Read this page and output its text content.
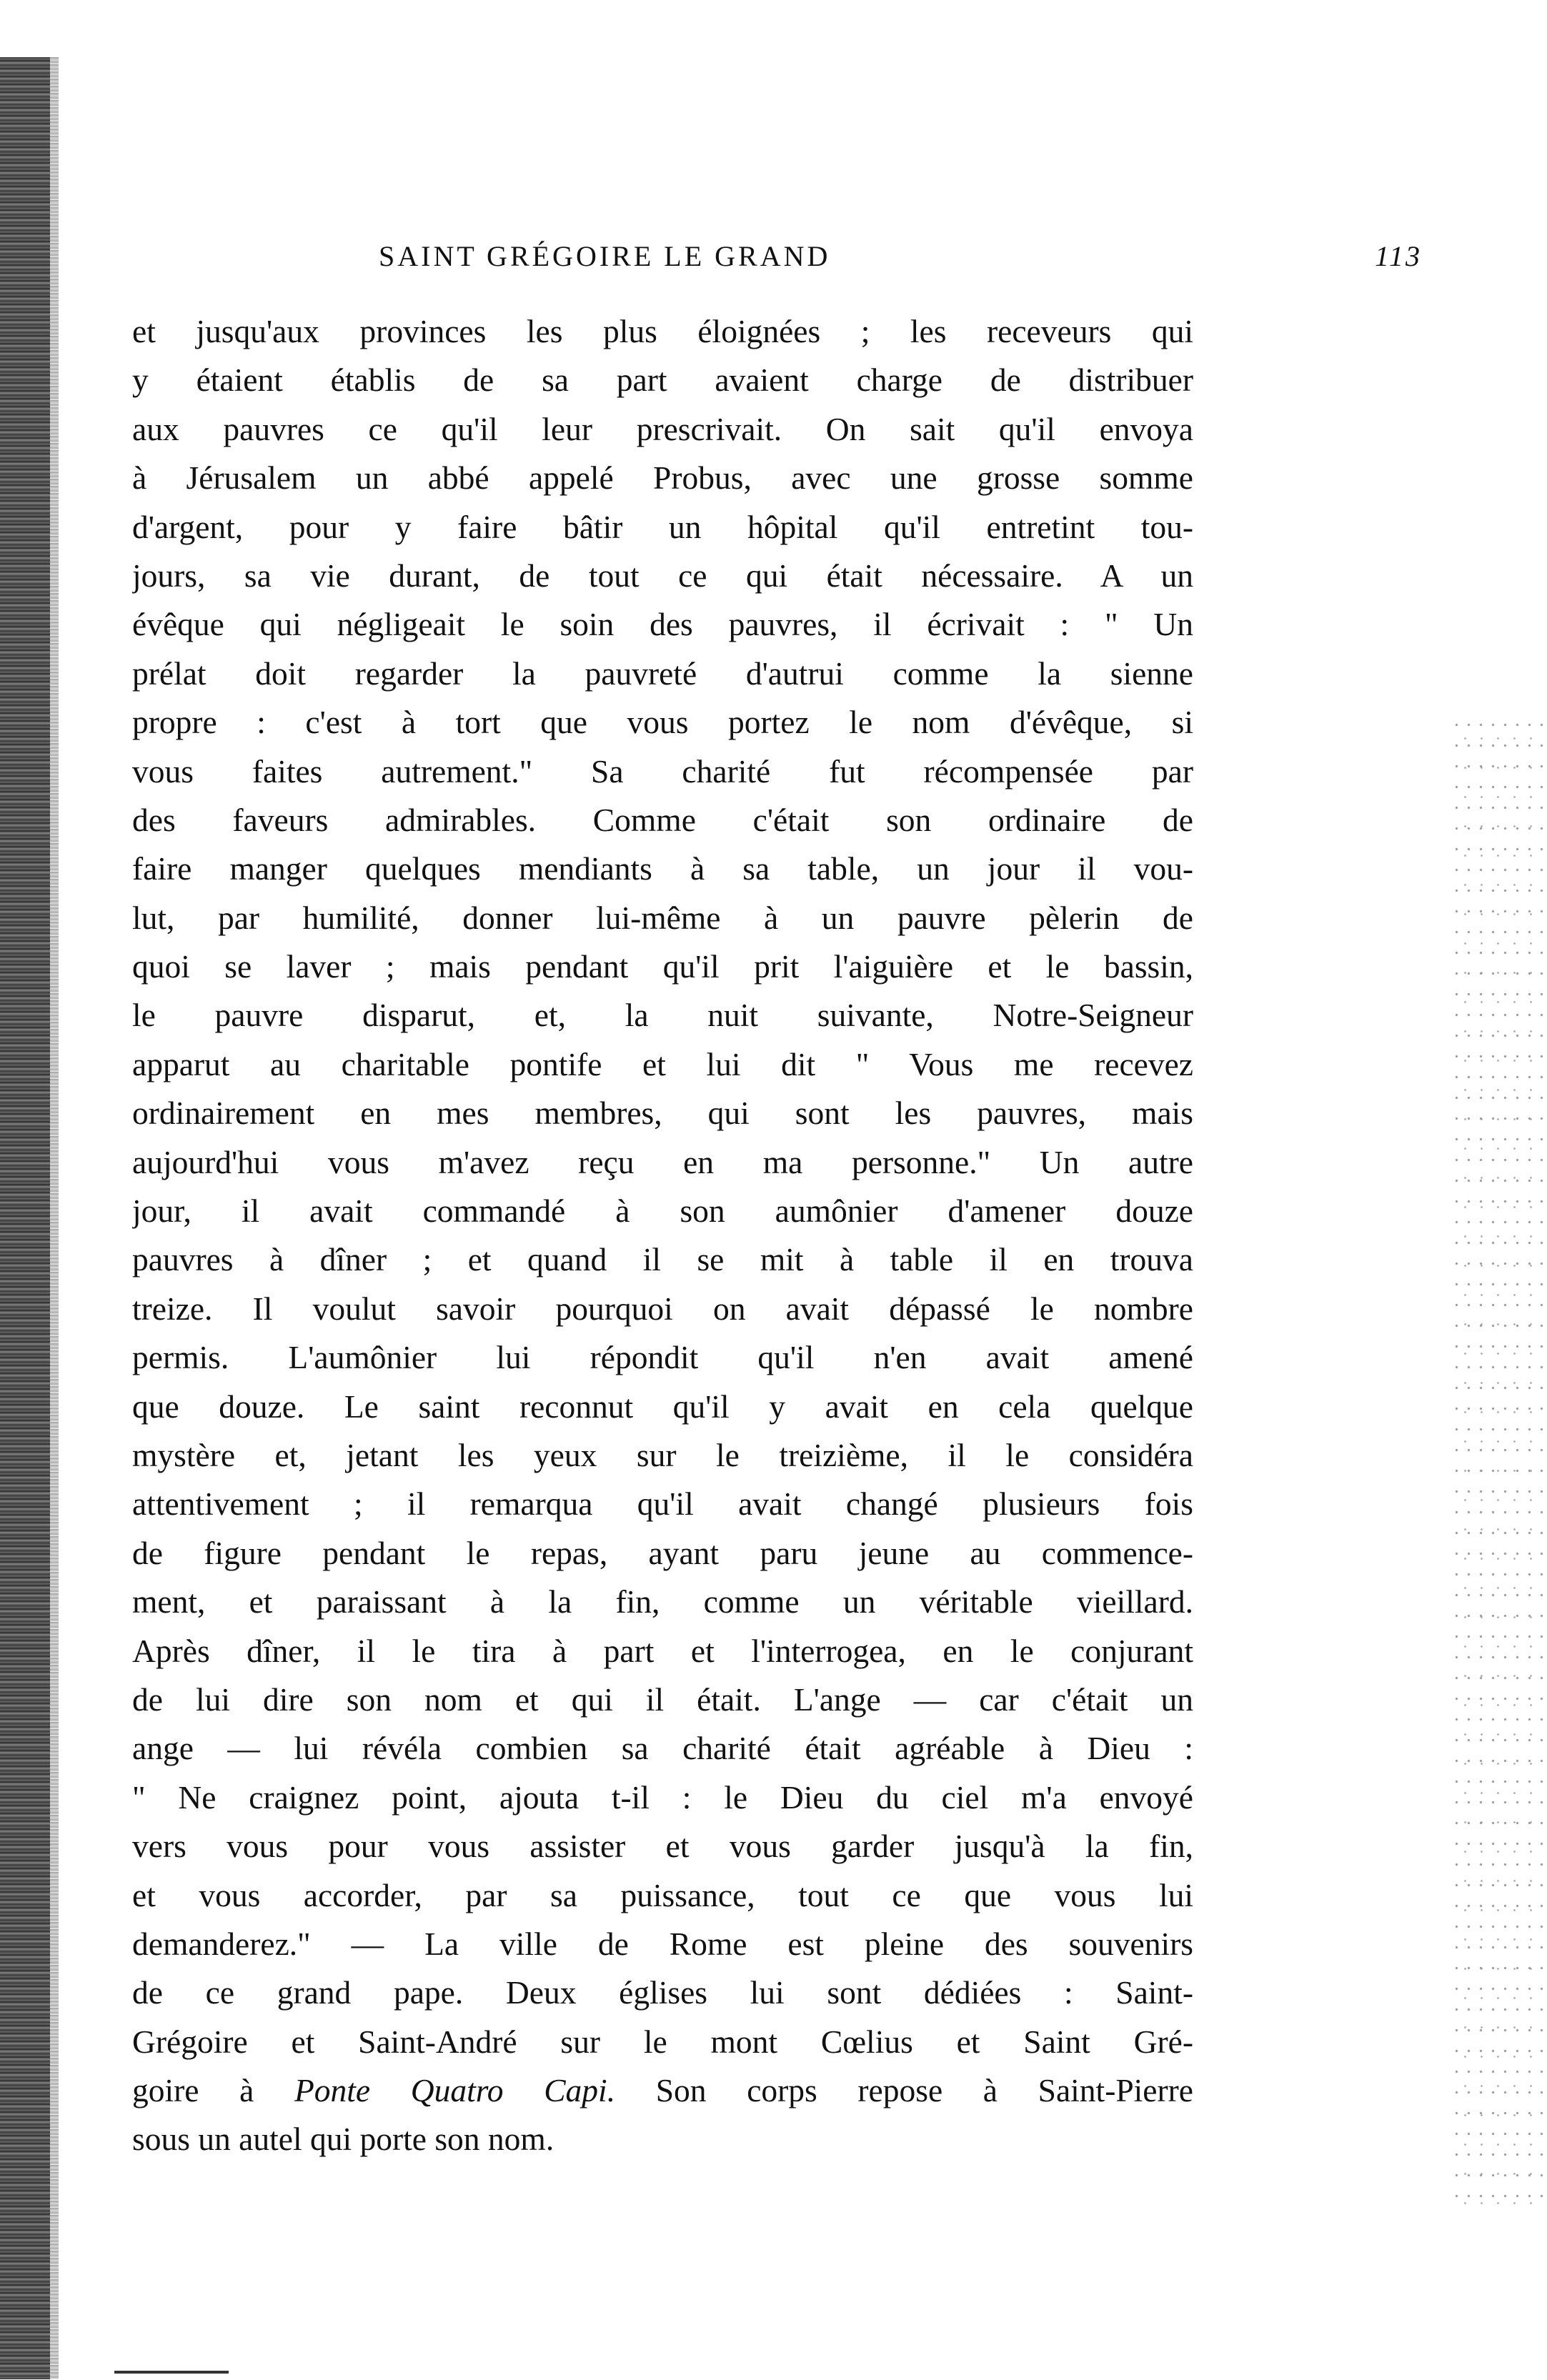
SAINT GRÉGOIRE LE GRAND	113
et jusqu'aux provinces les plus éloignées ; les receveurs qui
y étaient établis de sa part avaient charge de distribuer
aux pauvres ce qu'il leur prescrivait. On sait qu'il envoya
à Jérusalem un abbé appelé Probus, avec une grosse somme
d'argent, pour y faire bâtir un hôpital qu'il entretint tou-
jours, sa vie durant, de tout ce qui était nécessaire. A un
évêque qui négligeait le soin des pauvres, il écrivait : " Un
prélat doit regarder la pauvreté d'autrui comme la sienne
propre : c'est à tort que vous portez le nom d'évêque, si
vous faites autrement." Sa charité fut récompensée par
des faveurs admirables. Comme c'était son ordinaire de
faire manger quelques mendiants à sa table, un jour il vou-
lut, par humilité, donner lui-même à un pauvre pèlerin de
quoi se laver ; mais pendant qu'il prit l'aiguière et le bassin,
le pauvre disparut, et, la nuit suivante, Notre-Seigneur
apparut au charitable pontife et lui dit " Vous me recevez
ordinairement en mes membres, qui sont les pauvres, mais
aujourd'hui vous m'avez reçu en ma personne." Un autre
jour, il avait commandé à son aumônier d'amener douze
pauvres à dîner ; et quand il se mit à table il en trouva
treize. Il voulut savoir pourquoi on avait dépassé le nombre
permis. L'aumônier lui répondit qu'il n'en avait amené
que douze. Le saint reconnut qu'il y avait en cela quelque
mystère et, jetant les yeux sur le treizième, il le considéra
attentivement ; il remarqua qu'il avait changé plusieurs fois
de figure pendant le repas, ayant paru jeune au commence-
ment, et paraissant à la fin, comme un véritable vieillard.
Après dîner, il le tira à part et l'interrogea, en le conjurant
de lui dire son nom et qui il était. L'ange — car c'était un
ange — lui révéla combien sa charité était agréable à Dieu :
" Ne craignez point, ajouta t-il : le Dieu du ciel m'a envoyé
vers vous pour vous assister et vous garder jusqu'à la fin,
et vous accorder, par sa puissance, tout ce que vous lui
demanderez." — La ville de Rome est pleine des souvenirs
de ce grand pape. Deux églises lui sont dédiées : Saint-
Grégoire et Saint-André sur le mont Cœlius et Saint Gré-
goire à Ponte Quatro Capi. Son corps repose à Saint-Pierre
sous un autel qui porte son nom.
